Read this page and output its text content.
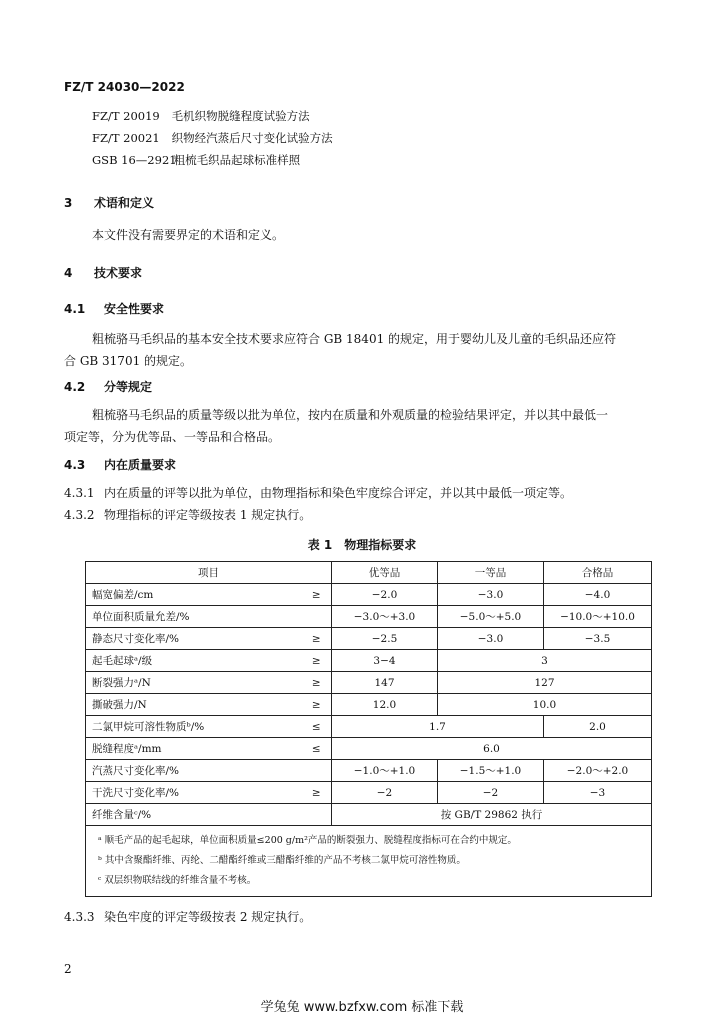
FZ/T 24030—2022
FZ/T 20019 毛机织物脱缝程度试验方法
FZ/T 20021 织物经汽蒸后尺寸变化试验方法
GSB 16—2921 粗梳毛织品起球标准样照
3 术语和定义
本文件没有需要界定的术语和定义。
4 技术要求
4.1 安全性要求
粗梳骆马毛织品的基本安全技术要求应符合 GB 18401 的规定，用于婴幼儿及儿童的毛织品还应符
合 GB 31701 的规定。
4.2 分等规定
粗梳骆马毛织品的质量等级以批为单位，按内在质量和外观质量的检验结果评定，并以其中最低一
项定等，分为优等品、一等品和合格品。
4.3 内在质量要求
4.3.1 内在质量的评等以批为单位，由物理指标和染色牢度综合评定，并以其中最低一项定等。
4.3.2 物理指标的评定等级按表 1 规定执行。
表 1　物理指标要求
项目		优等品	一等品	合格品
幅宽偏差/cm	≥	−2.0	−3.0	−4.0
单位面积质量允差/%		−3.0～+3.0	−5.0～+5.0	−10.0～+10.0
静态尺寸变化率/%	≥	−2.5	−3.0	−3.5
起毛起球ᵃ/级	≥	3−4	3	
断裂强力ᵃ/N	≥	147	127	
撕破强力/N	≥	12.0	10.0	
二氯甲烷可溶性物质ᵇ/%	≤	1.7		2.0
脱缝程度ᵃ/mm	≤	6.0		
汽蒸尺寸变化率/%		−1.0～+1.0	−1.5～+1.0	−2.0～+2.0
干洗尺寸变化率/%	≥	−2	−2	−3
纤维含量ᶜ/%		按 GB/T 29862 执行		

ᵃ 顺毛产品的起毛起球，单位面积质量≤200 g/m²产品的断裂强力、脱缝程度指标可在合约中规定。
ᵇ 其中含聚酯纤维、丙纶、二醋酯纤维或三醋酯纤维的产品不考核二氯甲烷可溶性物质。
ᶜ 双层织物联结线的纤维含量不考核。				
4.3.3 染色牢度的评定等级按表 2 规定执行。
2
学兔兔 www.bzfxw.com 标准下载
